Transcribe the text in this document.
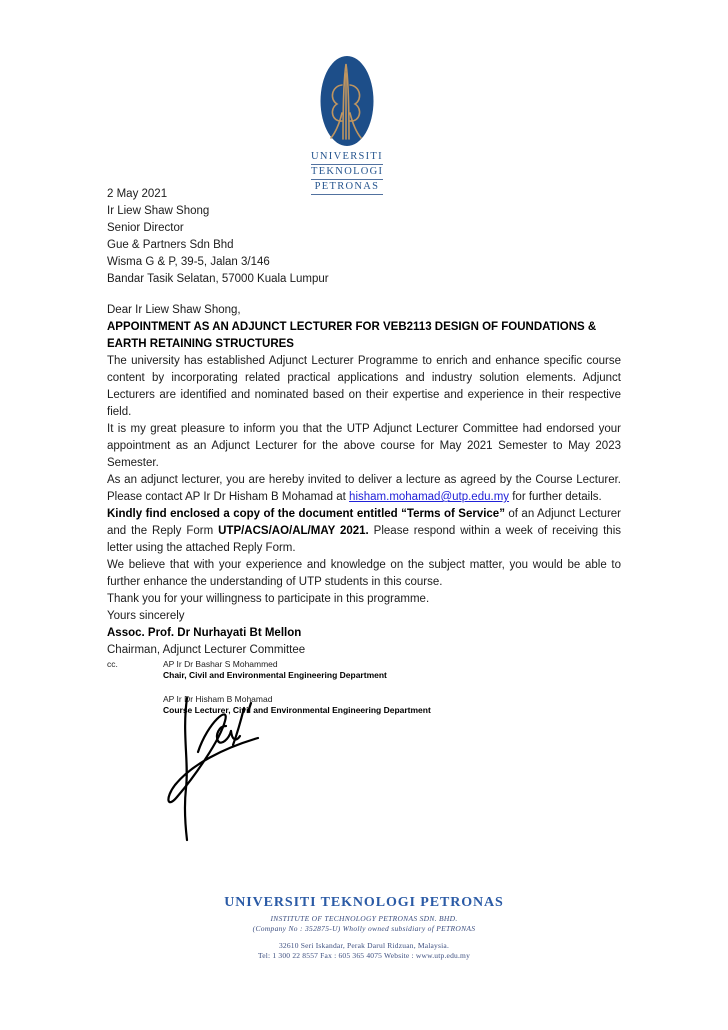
UNIVERSITI
TEKNOLOGI
PETRONAS

2 May 2021

Ir Liew Shaw Shong

Senior Director

Gue & Partners Sdn Bhd

Wisma G & P, 39-5, Jalan 3/146

Bandar Tasik Selatan, 57000 Kuala Lumpur

Dear Ir Liew Shaw Shong,

APPOINTMENT AS AN ADJUNCT LECTURER FOR VEB2113 DESIGN OF FOUNDATIONS & EARTH RETAINING STRUCTURES

The university has established Adjunct Lecturer Programme to enrich and enhance specific course content by incorporating related practical applications and industry solution elements. Adjunct Lecturers are identified and nominated based on their expertise and experience in their respective field.

It is my great pleasure to inform you that the UTP Adjunct Lecturer Committee had endorsed your appointment as an Adjunct Lecturer for the above course for May 2021 Semester to May 2023 Semester.

As an adjunct lecturer, you are hereby invited to deliver a lecture as agreed by the Course Lecturer. Please contact AP Ir Dr Hisham B Mohamad at hisham.mohamad@utp.edu.my for further details.

Kindly find enclosed a copy of the document entitled “Terms of Service” of an Adjunct Lecturer and the Reply Form UTP/ACS/AO/AL/MAY 2021. Please respond within a week of receiving this letter using the attached Reply Form.

We believe that with your experience and knowledge on the subject matter, you would be able to further enhance the understanding of UTP students in this course.

Thank you for your willingness to participate in this programme.

Yours sincerely

Assoc. Prof. Dr Nurhayati Bt Mellon

Chairman, Adjunct Lecturer Committee

cc.	AP Ir Dr Bashar S Mohammed
Chair, Civil and Environmental Engineering Department
AP Ir Dr Hisham B Mohamad
Course Lecturer, Civil and Environmental Engineering Department
UNIVERSITI TEKNOLOGI PETRONAS
INSTITUTE OF TECHNOLOGY PETRONAS SDN. BHD.
(Company No : 352875-U) Wholly owned subsidiary of PETRONAS
32610 Seri Iskandar, Perak Darul Ridzuan, Malaysia.
Tel: 1 300 22 8557 Fax : 605 365 4075 Website : www.utp.edu.my
